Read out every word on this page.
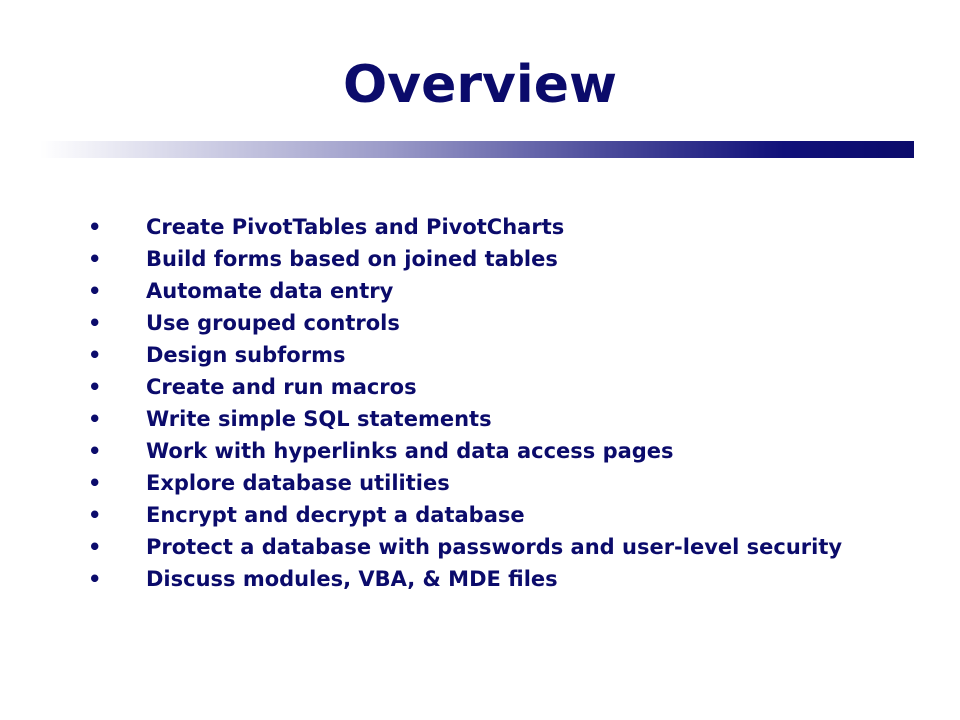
Overview
•	Create PivotTables and PivotCharts
•	Build forms based on joined tables
•	Automate data entry
•	Use grouped controls
•	Design subforms
•	Create and run macros
•	Write simple SQL statements
•	Work with hyperlinks and data access pages
•	Explore database utilities
•	Encrypt and decrypt a database
•	Protect a database with passwords and user-level security
•	Discuss modules, VBA, & MDE files
